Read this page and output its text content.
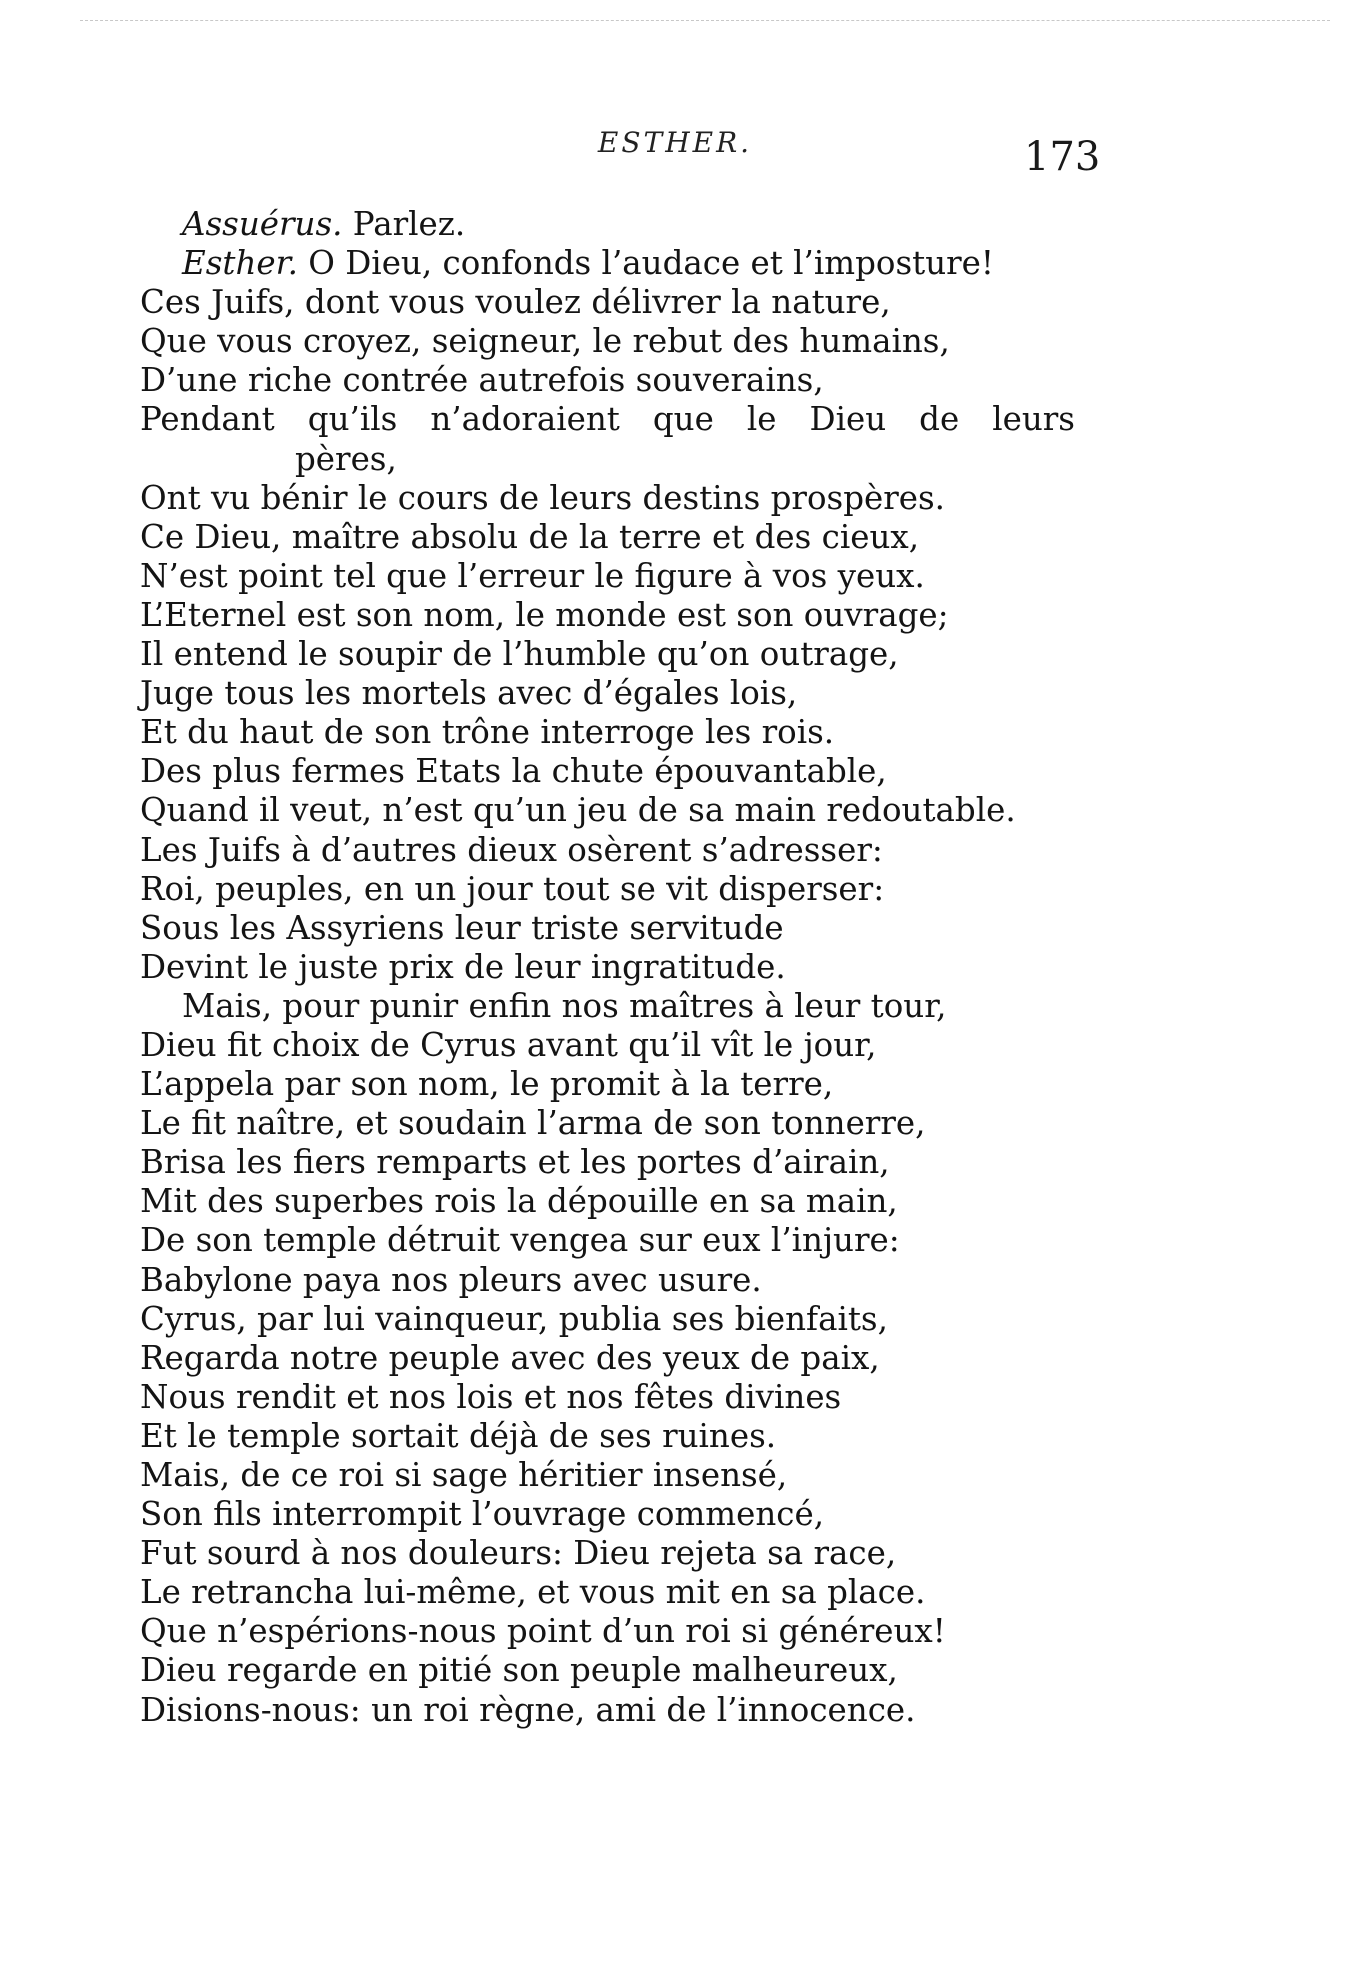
ESTHER.	173
Assuérus. Parlez.
Esther. O Dieu, confonds l’audace et l’imposture!
Ces Juifs, dont vous voulez délivrer la nature,
Que vous croyez, seigneur, le rebut des humains,
D’une riche contrée autrefois souverains,
Pendant qu’ils n’adoraient que le Dieu de leurs
pères,
Ont vu bénir le cours de leurs destins prospères.
Ce Dieu, maître absolu de la terre et des cieux,
N’est point tel que l’erreur le figure à vos yeux.
L’Eternel est son nom, le monde est son ouvrage;
Il entend le soupir de l’humble qu’on outrage,
Juge tous les mortels avec d’égales lois,
Et du haut de son trône interroge les rois.
Des plus fermes Etats la chute épouvantable,
Quand il veut, n’est qu’un jeu de sa main redoutable.
Les Juifs à d’autres dieux osèrent s’adresser:
Roi, peuples, en un jour tout se vit disperser:
Sous les Assyriens leur triste servitude
Devint le juste prix de leur ingratitude.
Mais, pour punir enfin nos maîtres à leur tour,
Dieu fit choix de Cyrus avant qu’il vît le jour,
L’appela par son nom, le promit à la terre,
Le fit naître, et soudain l’arma de son tonnerre,
Brisa les fiers remparts et les portes d’airain,
Mit des superbes rois la dépouille en sa main,
De son temple détruit vengea sur eux l’injure:
Babylone paya nos pleurs avec usure.
Cyrus, par lui vainqueur, publia ses bienfaits,
Regarda notre peuple avec des yeux de paix,
Nous rendit et nos lois et nos fêtes divines
Et le temple sortait déjà de ses ruines.
Mais, de ce roi si sage héritier insensé,
Son fils interrompit l’ouvrage commencé,
Fut sourd à nos douleurs: Dieu rejeta sa race,
Le retrancha lui-même, et vous mit en sa place.
Que n’espérions-nous point d’un roi si généreux!
Dieu regarde en pitié son peuple malheureux,
Disions-nous: un roi règne, ami de l’innocence.
